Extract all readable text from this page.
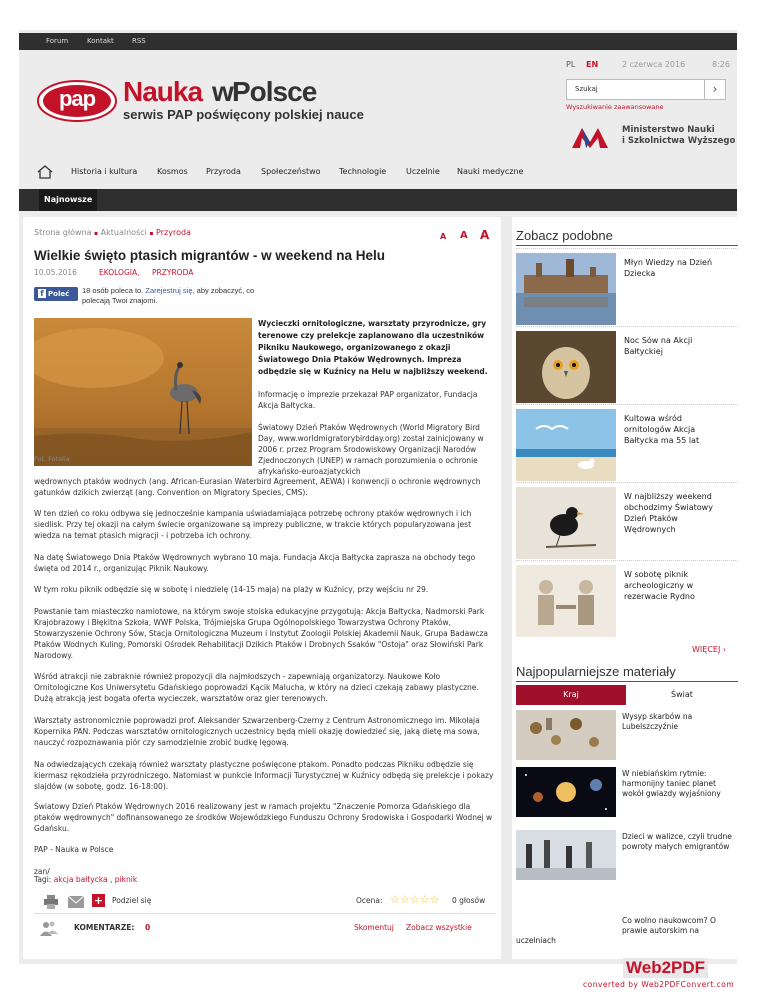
Forum	Kontakt	RSS
PL EN	2 czerwca 2016	8:26
Szukaj	›
Wyszukiwanie zaawansowane
pap Nauka w
Polsce
serwis PAP poświęcony polskiej nauce
Ministerstwo Nauki
i Szkolnictwa Wyższego
Historia i kultura Kosmos Przyroda	Społeczeństwo Technologie Uczelnie Nauki medyczne
Najnowsze
Strona główna ▪ Aktualności ▪ Przyroda	A A A
Wielkie święto ptasich migrantów - w weekend na Helu
10.05.2016	EKOLOGIA, PRZYRODA
f Poleć	18 osób poleca to. Zarejestruj się, aby zobaczyć, co polecają Twoi znajomi.
Fot. Fotolia
Wycieczki ornitologiczne, warsztaty przyrodnicze, gry terenowe czy prelekcje zaplanowano dla uczestników Pikniku Naukowego, organizowanego z okazji Światowego Dnia Ptaków Wędrownych. Impreza odbędzie się w Kuźnicy na Helu w najbliższy weekend.
Informację o imprezie przekazał PAP organizator, Fundacja Akcja Bałtycka.
Światowy Dzień Ptaków Wędrownych (World Migratory Bird Day, www.worldmigratorybirdday.org) został zainicjowany w 2006 r. przez Program Środowiskowy Organizacji Narodów Zjednoczonych (UNEP) w ramach porozumienia o ochronie afrykańsko-euroazjatyckich
wędrownych ptaków wodnych (ang. African-Eurasian Waterbird Agreement, AEWA) i konwencji o ochronie wędrownych gatunków dzikich zwierząt (ang. Convention on Migratory Species, CMS).
W ten dzień co roku odbywa się jednocześnie kampania uświadamiająca potrzebę ochrony ptaków wędrownych i ich siedlisk. Przy tej okazji na całym świecie organizowane są imprezy publiczne, w trakcie których popularyzowana jest wiedza na temat ptasich migracji - i potrzeba ich ochrony.
Na datę Światowego Dnia Ptaków Wędrownych wybrano 10 maja. Fundacja Akcja Bałtycka zaprasza na obchody tego święta od 2014 r., organizując Piknik Naukowy.
W tym roku piknik odbędzie się w sobotę i niedzielę (14-15 maja) na plaży w Kuźnicy, przy wejściu nr 29.
Powstanie tam miasteczko namiotowe, na którym swoje stoiska edukacyjne przygotują: Akcja Bałtycka, Nadmorski Park Krajobrazowy i Błękitna Szkoła, WWF Polska, Trójmiejska Grupa Ogólnopolskiego Towarzystwa Ochrony Ptaków, Stowarzyszenie Ochrony Sów, Stacja Ornitologiczna Muzeum i Instytut Zoologii Polskiej Akademii Nauk, Grupa Badawcza Ptaków Wodnych Kuling, Pomorski Ośrodek Rehabilitacji Dzikich Ptaków i Drobnych Ssaków "Ostoja" oraz Słowiński Park Narodowy.
Wśród atrakcji nie zabraknie również propozycji dla najmłodszych - zapewniają organizatorzy. Naukowe Koło Ornitologiczne Kos Uniwersytetu Gdańskiego poprowadzi Kącik Malucha, w który na dzieci czekają zabawy plastyczne. Dużą atrakcją jest bogata oferta wycieczek, warsztatów oraz gier terenowych.
Warsztaty astronomicznie poprowadzi prof. Aleksander Szwarzenberg-Czerny z Centrum Astronomicznego im. Mikołaja Kopernika PAN. Podczas warsztatów ornitologicznych uczestnicy będą mieli okazję dowiedzieć się, jaką dietę ma sowa, nauczyć rozpoznawania piór czy samodzielnie zrobić budkę lęgową.
Na odwiedzających czekają również warsztaty plastyczne poświęcone ptakom. Ponadto podczas Pikniku odbędzie się kiermasz rękodzieła przyrodniczego. Natomiast w punkcie Informacji Turystycznej w Kuźnicy odbędą się prelekcje i pokazy slajdów (w sobotę, godz. 16-18:00).
Światowy Dzień Ptaków Wędrownych 2016 realizowany jest w ramach projektu "Znaczenie Pomorza Gdańskiego dla ptaków wędrownych" dofinansowanego ze środków Wojewódzkiego Funduszu Ochrony Środowiska i Gospodarki Wodnej w Gdańsku.
PAP - Nauka w Polsce
zan/
Tagi: akcja bałtycka , piknik
+ Podziel się	Ocena: ☆☆☆☆☆ 0 głosów
KOMENTARZE: 0	Skomentuj Zobacz wszystkie
Zobacz podobne
Młyn Wiedzy na Dzień Dziecka
Noc Sów na Akcji Bałtyckiej
Kultowa wśród ornitologów Akcja Bałtycka ma 55 lat
W najbliższy weekend obchodzimy Światowy Dzień Ptaków Wędrownych
W sobotę piknik archeologiczny w rezerwacie Rydno
WIĘCEJ ›
Najpopularniejsze materiały
Kraj	Świat
Wysyp skarbów na Lubelszczyźnie
W niebiańskim rytmie: harmonijny taniec planet wokół gwiazdy wyjaśniony
Dzieci w walizce, czyli trudne powroty małych emigrantów
Co wolno naukowcom? O prawie autorskim na
uczelniach
Web2PDF
converted by Web2PDFConvert.com
